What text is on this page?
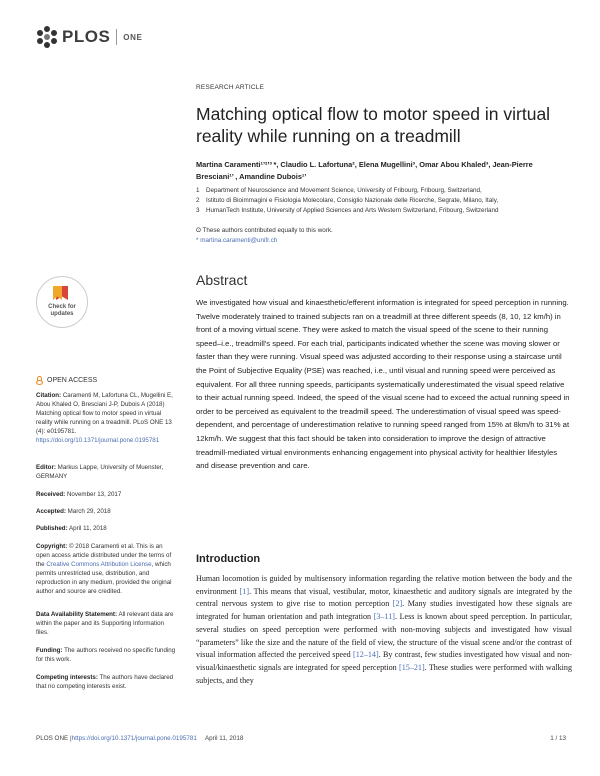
PLOS ONE
RESEARCH ARTICLE
Matching optical flow to motor speed in virtual reality while running on a treadmill
Martina Caramenti¹ʼ²ʼ³ *, Claudio L. Lafortuna², Elena Mugellini³, Omar Abou Khaled³, Jean-Pierre Bresciani¹ʼ , Amandine Dubois¹ʼ
1 Department of Neuroscience and Movement Science, University of Fribourg, Fribourg, Switzerland,
2 Istituto di Bioimmagini e Fisiologia Molecolare, Consiglio Nazionale delle Ricerche, Segrate, Milano, Italy,
3 HumanTech Institute, University of Applied Sciences and Arts Western Switzerland, Fribourg, Switzerland
ʘ These authors contributed equally to this work.
* martina.caramenti@unifr.ch
Check for updates
OPEN ACCESS
Citation: Caramenti M, Lafortuna CL, Mugellini E, Abou Khaled O, Bresciani J-P, Dubois A (2018) Matching optical flow to motor speed in virtual reality while running on a treadmill. PLoS ONE 13 (4): e0195781. https://doi.org/10.1371/journal.pone.0195781
Editor: Markus Lappe, University of Muenster, GERMANY
Received: November 13, 2017
Accepted: March 29, 2018
Published: April 11, 2018
Copyright: © 2018 Caramenti et al. This is an open access article distributed under the terms of the Creative Commons Attribution License, which permits unrestricted use, distribution, and reproduction in any medium, provided the original author and source are credited.
Data Availability Statement: All relevant data are within the paper and its Supporting Information files.
Funding: The authors received no specific funding for this work.
Competing interests: The authors have declared that no competing interests exist.
Abstract

We investigated how visual and kinaesthetic/efferent information is integrated for speed perception in running. Twelve moderately trained to trained subjects ran on a treadmill at three different speeds (8, 10, 12 km/h) in front of a moving virtual scene. They were asked to match the visual speed of the scene to their running speed–i.e., treadmill's speed. For each trial, participants indicated whether the scene was moving slower or faster than they were running. Visual speed was adjusted according to their response using a staircase until the Point of Subjective Equality (PSE) was reached, i.e., until visual and running speed were perceived as equivalent. For all three running speeds, participants systematically underestimated the visual speed relative to their actual running speed. Indeed, the speed of the visual scene had to exceed the actual running speed in order to be perceived as equivalent to the treadmill speed. The underestimation of visual speed was speed-dependent, and percentage of underestimation relative to running speed ranged from 15% at 8km/h to 31% at 12km/h. We suggest that this fact should be taken into consideration to improve the design of attractive treadmill-mediated virtual environments enhancing engagement into physical activity for healthier lifestyles and disease prevention and care.

Introduction

Human locomotion is guided by multisensory information regarding the relative motion between the body and the environment [1]. This means that visual, vestibular, motor, kinaesthetic and auditory signals are integrated by the central nervous system to give rise to motion perception [2]. Many studies investigated how these signals are integrated for human orientation and path integration [3–11]. Less is known about speed perception. In particular, several studies on speed perception were performed with non-moving subjects and investigated how visual “parameters” like the size and the nature of the field of view, the structure of the visual scene and/or the contrast of visual information affected the perceived speed [12–14]. By contrast, few studies investigated how visual and non-visual/kinaesthetic signals are integrated for speed perception [15–21]. These studies were performed with walking subjects, and they

PLOS ONE | https://doi.org/10.1371/journal.pone.0195781 April 11, 2018	1 / 13
